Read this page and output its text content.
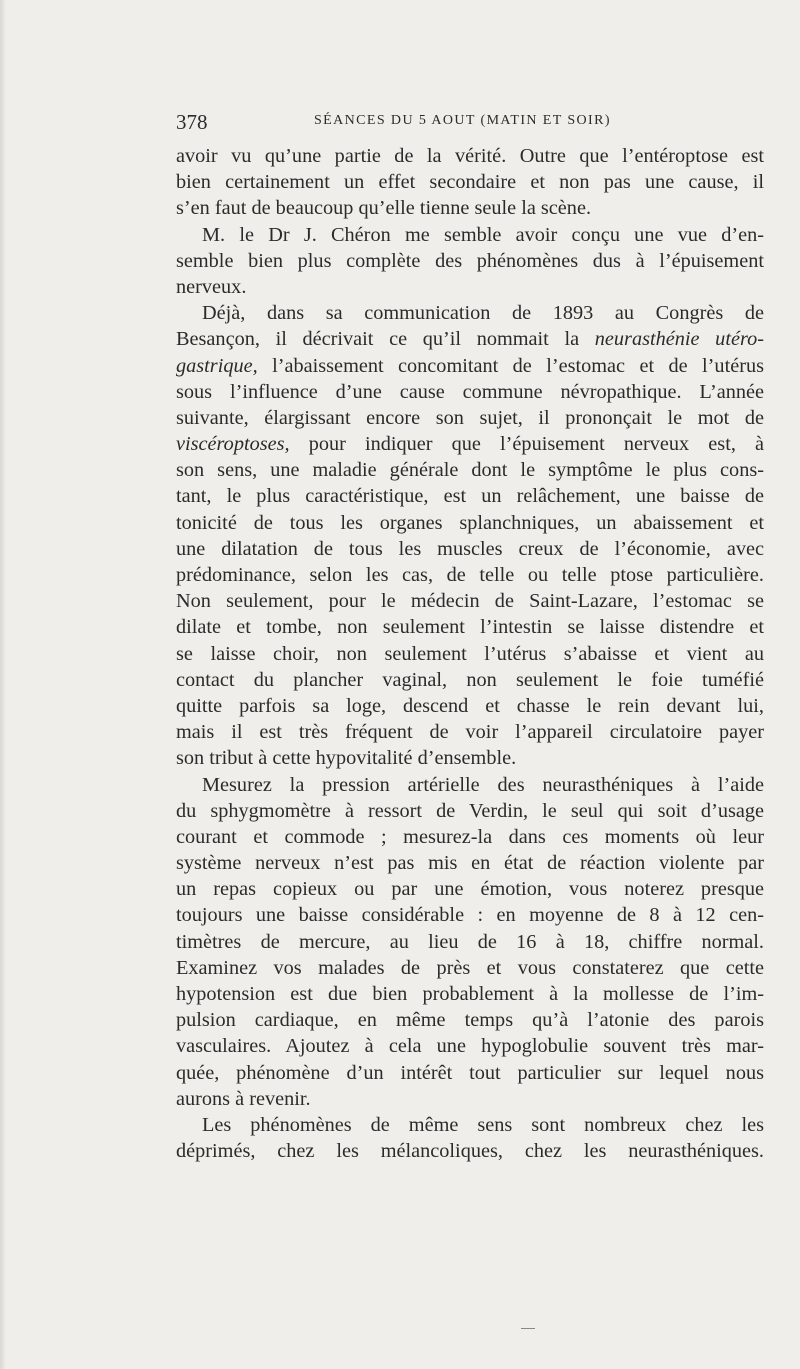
378	SÉANCES DU 5 AOUT (MATIN ET SOIR)
avoir vu qu’une partie de la vérité. Outre que l’entéroptose est
bien certainement un effet secondaire et non pas une cause, il
s’en faut de beaucoup qu’elle tienne seule la scène.
M. le Dr J. Chéron me semble avoir conçu une vue d’en-
semble bien plus complète des phénomènes dus à l’épuisement
nerveux.
Déjà, dans sa communication de 1893 au Congrès de
Besançon, il décrivait ce qu’il nommait la neurasthénie utéro-
gastrique, l’abaissement concomitant de l’estomac et de l’utérus
sous l’influence d’une cause commune névropathique. L’année
suivante, élargissant encore son sujet, il prononçait le mot de
viscéroptoses, pour indiquer que l’épuisement nerveux est, à
son sens, une maladie générale dont le symptôme le plus cons-
tant, le plus caractéristique, est un relâchement, une baisse de
tonicité de tous les organes splanchniques, un abaissement et
une dilatation de tous les muscles creux de l’économie, avec
prédominance, selon les cas, de telle ou telle ptose particulière.
Non seulement, pour le médecin de Saint-Lazare, l’estomac se
dilate et tombe, non seulement l’intestin se laisse distendre et
se laisse choir, non seulement l’utérus s’abaisse et vient au
contact du plancher vaginal, non seulement le foie tuméfié
quitte parfois sa loge, descend et chasse le rein devant lui,
mais il est très fréquent de voir l’appareil circulatoire payer
son tribut à cette hypovitalité d’ensemble.
Mesurez la pression artérielle des neurasthéniques à l’aide
du sphygmomètre à ressort de Verdin, le seul qui soit d’usage
courant et commode ; mesurez-la dans ces moments où leur
système nerveux n’est pas mis en état de réaction violente par
un repas copieux ou par une émotion, vous noterez presque
toujours une baisse considérable : en moyenne de 8 à 12 cen-
timètres de mercure, au lieu de 16 à 18, chiffre normal.
Examinez vos malades de près et vous constaterez que cette
hypotension est due bien probablement à la mollesse de l’im-
pulsion cardiaque, en même temps qu’à l’atonie des parois
vasculaires. Ajoutez à cela une hypoglobulie souvent très mar-
quée, phénomène d’un intérêt tout particulier sur lequel nous
aurons à revenir.
Les phénomènes de même sens sont nombreux chez les
déprimés, chez les mélancoliques, chez les neurasthéniques.
